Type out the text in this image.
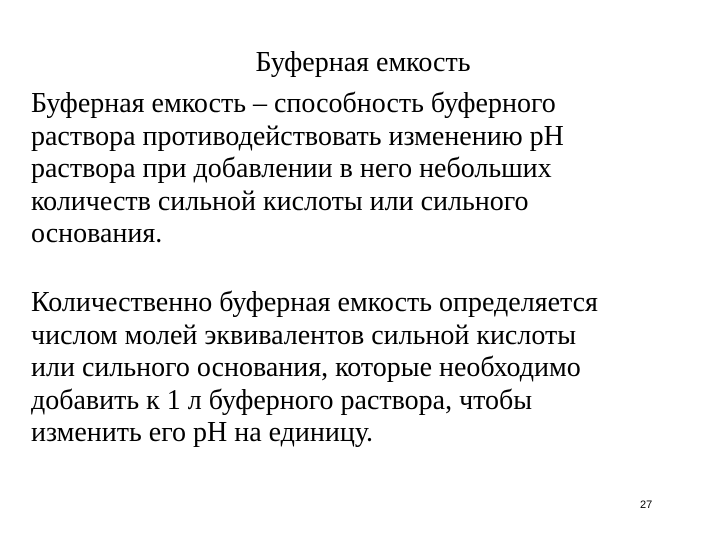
Буферная емкость
Буферная емкость – способность буферного
раствора противодействовать изменению pH
раствора при добавлении в него небольших
количеств сильной кислоты или сильного
основания.
Количественно буферная емкость определяется
числом молей эквивалентов сильной кислоты
или сильного основания, которые необходимо
добавить к 1 л буферного раствора, чтобы
изменить его pH на единицу.
27
